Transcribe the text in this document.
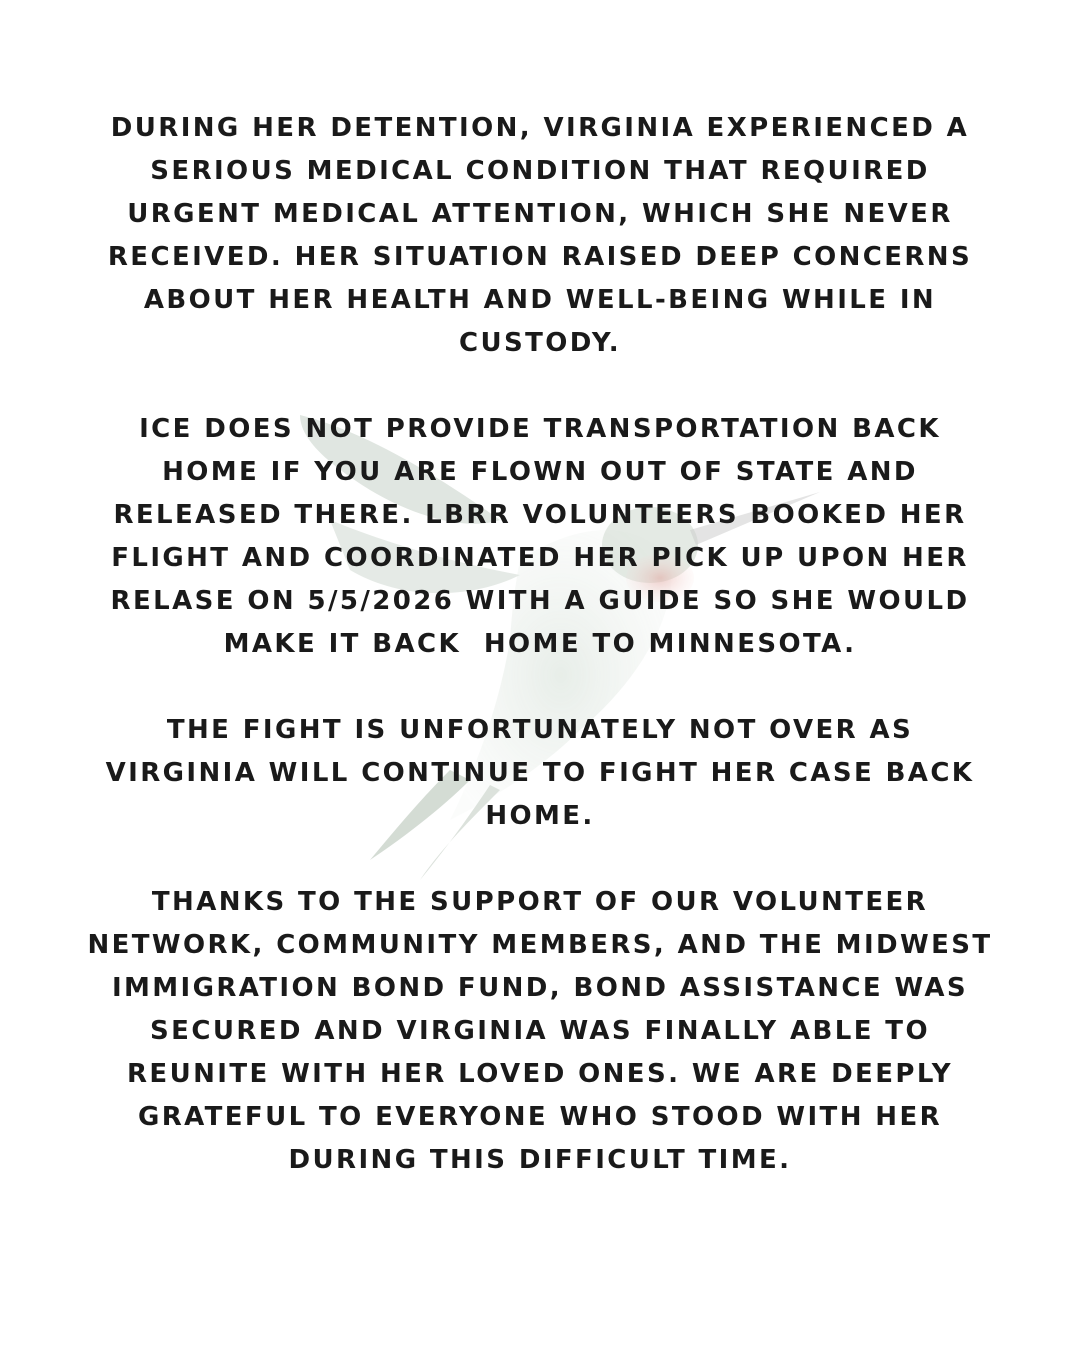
DURING HER DETENTION, VIRGINIA EXPERIENCED A
SERIOUS MEDICAL CONDITION THAT REQUIRED
URGENT MEDICAL ATTENTION, WHICH SHE NEVER
RECEIVED. HER SITUATION RAISED DEEP CONCERNS
ABOUT HER HEALTH AND WELL-BEING WHILE IN
CUSTODY.

ICE DOES NOT PROVIDE TRANSPORTATION BACK
HOME IF YOU ARE FLOWN OUT OF STATE AND
RELEASED THERE. LBRR VOLUNTEERS BOOKED HER
FLIGHT AND COORDINATED HER PICK UP UPON HER
RELASE ON 5/5/2026 WITH A GUIDE SO SHE WOULD
MAKE IT BACK  HOME TO MINNESOTA.

THE FIGHT IS UNFORTUNATELY NOT OVER AS
VIRGINIA WILL CONTINUE TO FIGHT HER CASE BACK
HOME.

THANKS TO THE SUPPORT OF OUR VOLUNTEER
NETWORK, COMMUNITY MEMBERS, AND THE MIDWEST
IMMIGRATION BOND FUND, BOND ASSISTANCE WAS
SECURED AND VIRGINIA WAS FINALLY ABLE TO
REUNITE WITH HER LOVED ONES. WE ARE DEEPLY
GRATEFUL TO EVERYONE WHO STOOD WITH HER
DURING THIS DIFFICULT TIME.
